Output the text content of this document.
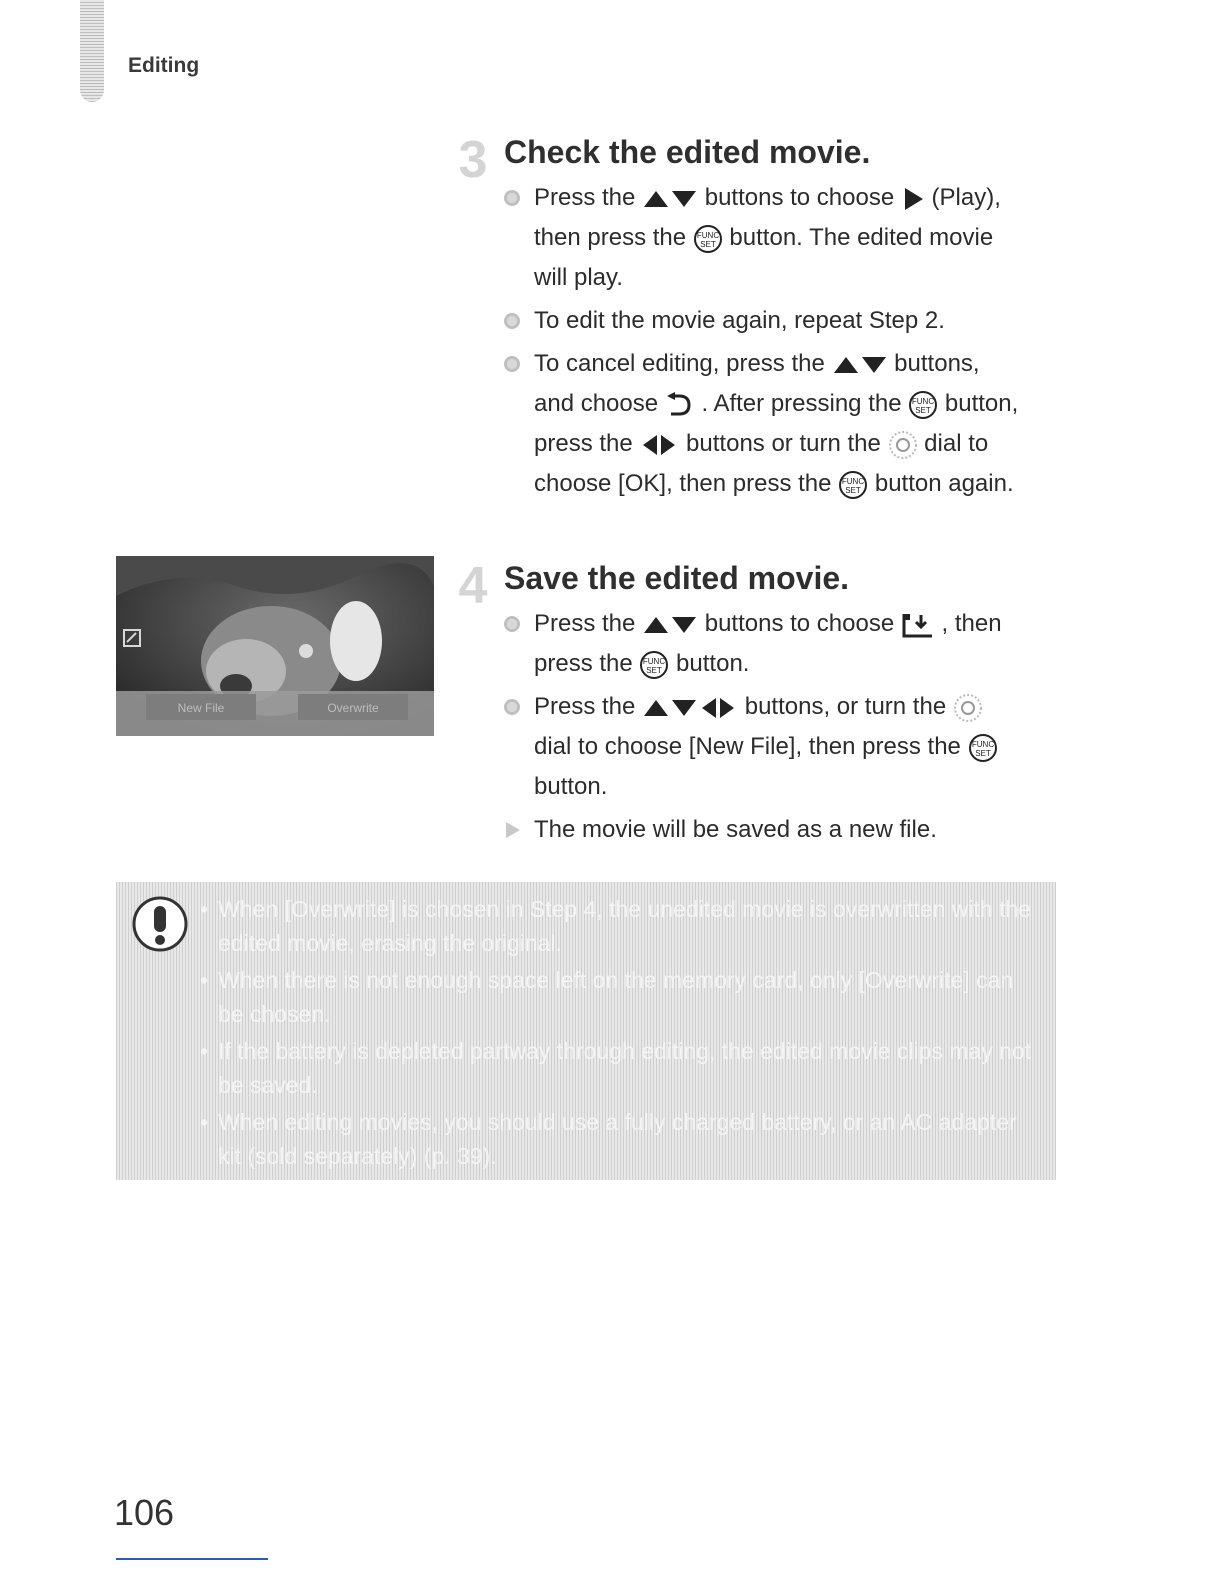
Editing
3 Check the edited movie.
Press the  buttons to choose  (Play), then press the FUNC
SET button. The edited movie will play.
To edit the movie again, repeat Step 2.
To cancel editing, press the  buttons, and choose  . After pressing the FUNC
SET button, press the  buttons or turn the  dial to choose [OK], then press the FUNC
SET button again.
New File	Overwrite
4 Save the edited movie.
Press the  buttons to choose  , then press the FUNC
SET button.
Press the	buttons, or turn the  dial to choose [New File], then press the FUNC
SET
button.
The movie will be saved as a new file.
• When [Overwrite] is chosen in Step 4, the unedited movie is overwritten with the edited movie, erasing the original.
• When there is not enough space left on the memory card, only [Overwrite] can be chosen.
• If the battery is depleted partway through editing, the edited movie clips may not be saved.
• When editing movies, you should use a fully charged battery, or an AC adapter kit (sold separately) (p. 39).
106
